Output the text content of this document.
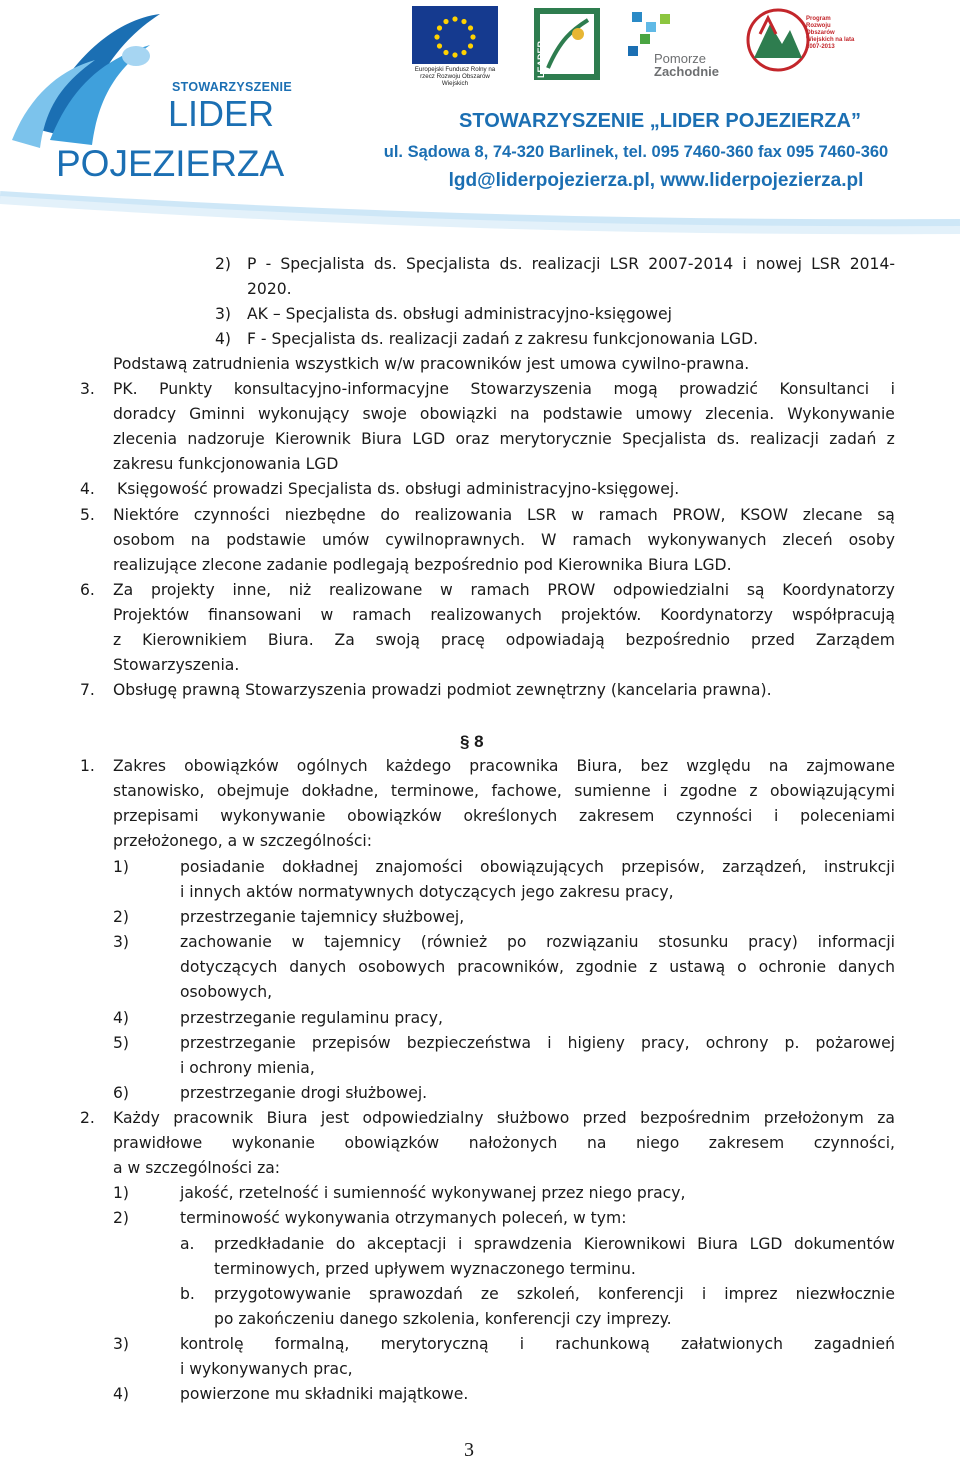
STOWARZYSZENIE
LIDER
POJEZIERZA
Europejski Fundusz Rolny na rzecz Rozwoju Obszarów Wiejskich
LEADER	Pomorze
Zachodnie
Program Rozwoju Obszarów Wiejskich na lata 2007-2013
STOWARZYSZENIE „LIDER POJEZIERZA”
ul. Sądowa 8, 74-320 Barlinek, tel. 095 7460-360 fax 095 7460-360
lgd@liderpojezierza.pl, www.liderpojezierza.pl
2) P - Specjalista ds. Specjalista ds. realizacji LSR 2007-2014 i nowej LSR 2014-
2020.
3) AK – Specjalista ds. obsługi administracyjno-księgowej
4) F - Specjalista ds. realizacji zadań z zakresu funkcjonowania LGD.
Podstawą zatrudnienia wszystkich w/w pracowników jest umowa cywilno-prawna.
3. PK. Punkty konsultacyjno-informacyjne Stowarzyszenia mogą prowadzić Konsultanci i
doradcy Gminni wykonujący swoje obowiązki na podstawie umowy zlecenia. Wykonywanie
zlecenia nadzoruje Kierownik Biura LGD oraz merytorycznie Specjalista ds. realizacji zadań z
zakresu funkcjonowania LGD
4. Księgowość prowadzi Specjalista ds. obsługi administracyjno-księgowej.
5. Niektóre czynności niezbędne do realizowania LSR w ramach PROW, KSOW zlecane są
osobom na podstawie umów cywilnoprawnych. W ramach wykonywanych zleceń osoby
realizujące zlecone zadanie podlegają bezpośrednio pod Kierownika Biura LGD.
6. Za projekty inne, niż realizowane w ramach PROW odpowiedzialni są Koordynatorzy
Projektów finansowani w ramach realizowanych projektów. Koordynatorzy współpracują
z Kierownikiem Biura. Za swoją pracę odpowiadają bezpośrednio przed Zarządem
Stowarzyszenia.
7. Obsługę prawną Stowarzyszenia prowadzi podmiot zewnętrzny (kancelaria prawna).
1. Zakres obowiązków ogólnych każdego pracownika Biura, bez względu na zajmowane
stanowisko, obejmuje dokładne, terminowe, fachowe, sumienne i zgodne z obowiązującymi
przepisami wykonywanie obowiązków określonych zakresem czynności i poleceniami
przełożonego, a w szczególności:
1)	posiadanie dokładnej znajomości obowiązujących przepisów, zarządzeń, instrukcji
i innych aktów normatywnych dotyczących jego zakresu pracy,
2)	przestrzeganie tajemnicy służbowej,
3)	zachowanie w tajemnicy (również po rozwiązaniu stosunku pracy) informacji
dotyczących danych osobowych pracowników, zgodnie z ustawą o ochronie danych
osobowych,
4)	przestrzeganie regulaminu pracy,
5)	przestrzeganie przepisów bezpieczeństwa i higieny pracy, ochrony p. pożarowej
i ochrony mienia,
6)	przestrzeganie drogi służbowej.
2. Każdy pracownik Biura jest odpowiedzialny służbowo przed bezpośrednim przełożonym za
prawidłowe wykonanie obowiązków nałożonych na niego zakresem czynności,
a w szczególności za:
1)	jakość, rzetelność i sumienność wykonywanej przez niego pracy,
2)	terminowość wykonywania otrzymanych poleceń, w tym:
a. przedkładanie do akceptacji i sprawdzenia Kierownikowi Biura LGD dokumentów
terminowych, przed upływem wyznaczonego terminu.
b. przygotowywanie sprawozdań ze szkoleń, konferencji i imprez niezwłocznie
po zakończeniu danego szkolenia, konferencji czy imprezy.
3)	kontrolę formalną, merytoryczną i rachunkową załatwionych zagadnień
i wykonywanych prac,
4)	powierzone mu składniki majątkowe.
§ 8
3
